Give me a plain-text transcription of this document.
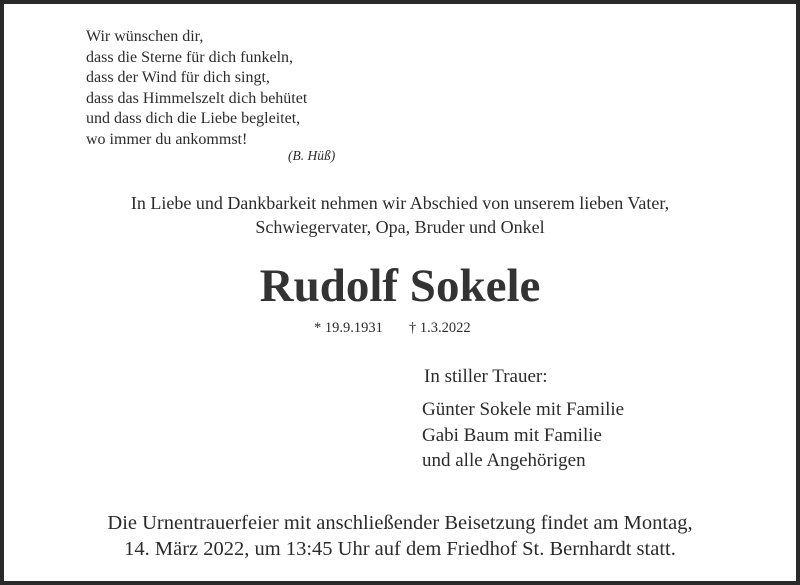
Wir wünschen dir,
dass die Sterne für dich funkeln,
dass der Wind für dich singt,
dass das Himmelszelt dich behütet
und dass dich die Liebe begleitet,
wo immer du ankommst!
(B. Hüß)
In Liebe und Dankbarkeit nehmen wir Abschied von unserem lieben Vater,
Schwiegervater, Opa, Bruder und Onkel
Rudolf Sokele
* 19.9.1931 † 1.3.2022
In stiller Trauer:
Günter Sokele mit Familie
Gabi Baum mit Familie
und alle Angehörigen
Die Urnentrauerfeier mit anschließender Beisetzung findet am Montag,
14. März 2022, um 13:45 Uhr auf dem Friedhof St. Bernhardt statt.
